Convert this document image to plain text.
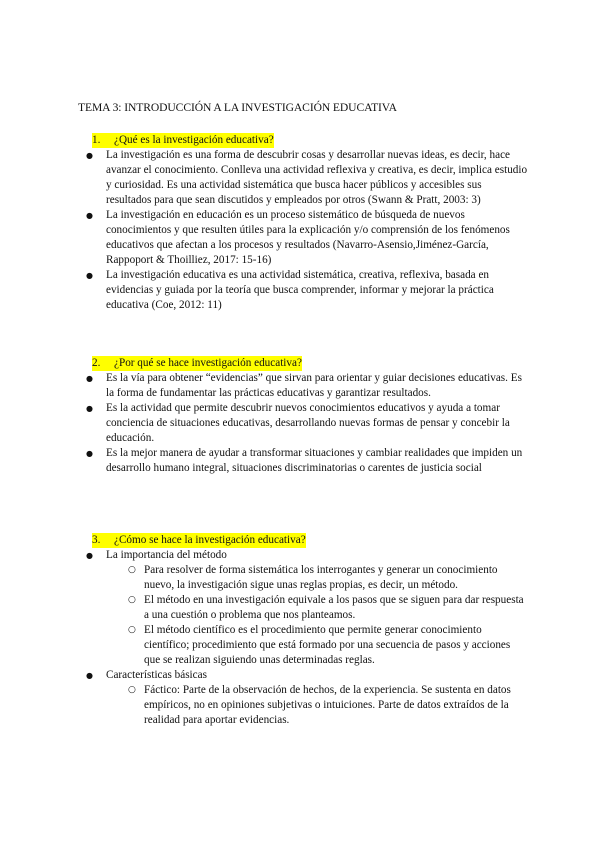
TEMA 3: INTRODUCCIÓN A LA INVESTIGACIÓN EDUCATIVA
1.	¿Qué es la investigación educativa?
● La investigación es una forma de descubrir cosas y desarrollar nuevas ideas, es decir, hace avanzar el conocimiento. Conlleva una actividad reflexiva y creativa, es decir, implica estudio y curiosidad. Es una actividad sistemática que busca hacer públicos y accesibles sus resultados para que sean discutidos y empleados por otros (Swann & Pratt, 2003: 3)
● La investigación en educación es un proceso sistemático de búsqueda de nuevos conocimientos y que resulten útiles para la explicación y/o comprensión de los fenómenos educativos que afectan a los procesos y resultados (Navarro-Asensio,Jiménez-García, Rappoport & Thoilliez, 2017: 15-16)
● La investigación educativa es una actividad sistemática, creativa, reflexiva, basada en evidencias y guiada por la teoría que busca comprender, informar y mejorar la práctica educativa (Coe, 2012: 11)
2.	¿Por qué se hace investigación educativa?
● Es la vía para obtener “evidencias” que sirvan para orientar y guiar decisiones educativas. Es la forma de fundamentar las prácticas educativas y garantizar resultados.
● Es la actividad que permite descubrir nuevos conocimientos educativos y ayuda a tomar conciencia de situaciones educativas, desarrollando nuevas formas de pensar y concebir la educación.
● Es la mejor manera de ayudar a transformar situaciones y cambiar realidades que impiden un desarrollo humano integral, situaciones discriminatorias o carentes de justicia social
3.	¿Cómo se hace la investigación educativa?
● La importancia del método
○ Para resolver de forma sistemática los interrogantes y generar un conocimiento nuevo, la investigación sigue unas reglas propias, es decir, un método.
○ El método en una investigación equivale a los pasos que se siguen para dar respuesta a una cuestión o problema que nos planteamos.
○ El método científico es el procedimiento que permite generar conocimiento científico; procedimiento que está formado por una secuencia de pasos y acciones que se realizan siguiendo unas determinadas reglas.
● Características básicas
○ Fáctico: Parte de la observación de hechos, de la experiencia. Se sustenta en datos empíricos, no en opiniones subjetivas o intuiciones. Parte de datos extraídos de la realidad para aportar evidencias.
